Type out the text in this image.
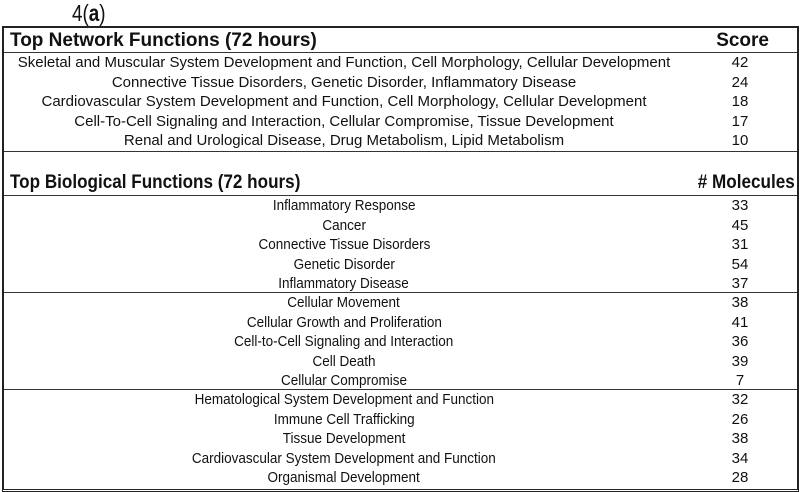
4(a)
Top Network Functions (72 hours)	Score
Skeletal and Muscular System Development and Function, Cell Morphology, Cellular Development	42
Connective Tissue Disorders, Genetic Disorder, Inflammatory Disease	24
Cardiovascular System Development and Function, Cell Morphology, Cellular Development	18
Cell-To-Cell Signaling and Interaction, Cellular Compromise, Tissue Development	17
Renal and Urological Disease, Drug Metabolism, Lipid Metabolism	10
Top Biological Functions (72 hours)	# Molecules
Inflammatory Response	33
Cancer	45
Connective Tissue Disorders	31
Genetic Disorder	54
Inflammatory Disease	37
Cellular Movement	38
Cellular Growth and Proliferation	41
Cell-to-Cell Signaling and Interaction	36
Cell Death	39
Cellular Compromise	7
Hematological System Development and Function	32
Immune Cell Trafficking	26
Tissue Development	38
Cardiovascular System Development and Function	34
Organismal Development	28
